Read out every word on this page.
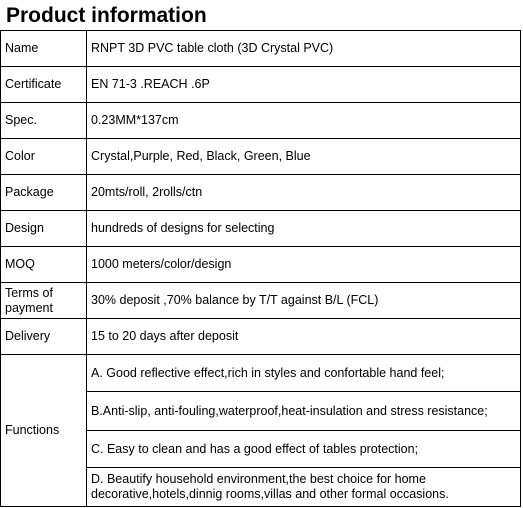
Product information
Name	RNPT 3D PVC table cloth (3D Crystal PVC)
Certificate	EN 71-3 .REACH .6P
Spec.	0.23MM*137cm
Color	Crystal,Purple, Red, Black, Green, Blue
Package	20mts/roll, 2rolls/ctn
Design	hundreds of designs for selecting
MOQ	1000 meters/color/design
Terms of payment	30% deposit ,70% balance by T/T against B/L (FCL)
Delivery	15 to 20 days after deposit
Functions	A. Good reflective effect,rich in styles and confortable hand feel;
	B.Anti-slip, anti-fouling,waterproof,heat-insulation and stress resistance;
	C. Easy to clean and has a good effect of tables protection;
	D. Beautify household environment,the best choice for home decorative,hotels,dinnig rooms,villas and other formal occasions.
